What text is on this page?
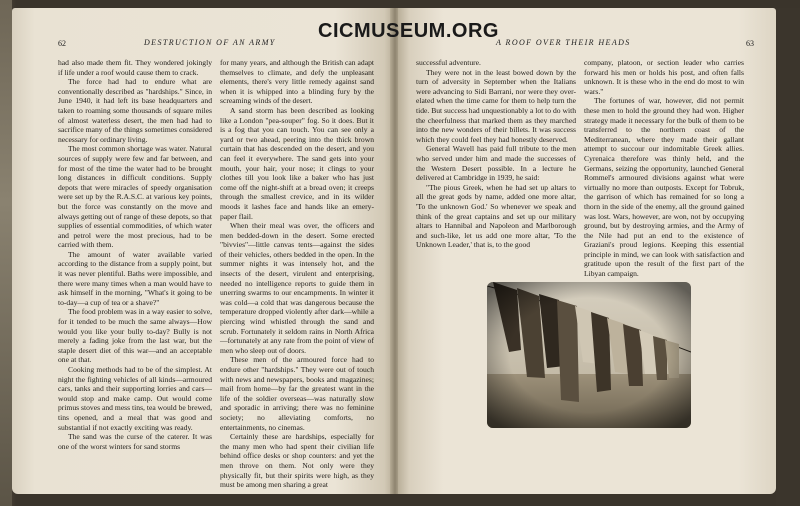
62	DESTRUCTION OF AN ARMY

had also made them fit. They wondered jokingly if life under a roof would cause them to crack.

The force had had to endure what are conventionally described as "hardships." Since, in June 1940, it had left its base headquarters and taken to roaming some thousands of square miles of almost waterless desert, the men had had to sacrifice many of the things sometimes considered necessary for ordinary living.

The most common shortage was water. Natural sources of supply were few and far between, and for most of the time the water had to be brought long distances in difficult conditions. Supply depots that were miracles of speedy organisation were set up by the R.A.S.C. at various key points, but the force was constantly on the move and always getting out of range of these depots, so that supplies of essential commodities, of which water and petrol were the most precious, had to be carried with them.

The amount of water available varied according to the distance from a supply point, but it was never plentiful. Baths were impossible, and there were many times when a man would have to ask himself in the morning, "What's it going to be to-day—a cup of tea or a shave?"

The food problem was in a way easier to solve, for it tended to be much the same always—How would you like your bully to-day? Bully is not merely a fading joke from the last war, but the staple desert diet of this war—and an acceptable one at that.

Cooking methods had to be of the simplest. At night the fighting vehicles of all kinds—armoured cars, tanks and their supporting lorries and cars—would stop and make camp. Out would come primus stoves and mess tins, tea would be brewed, tins opened, and a meal that was good and substantial if not exactly exciting was ready.

The sand was the curse of the caterer. It was one of the worst winters for sand storms

for many years, and although the British can adapt themselves to climate, and defy the unpleasant elements, there's very little remedy against sand when it is whipped into a blinding fury by the screaming winds of the desert.

A sand storm has been described as looking like a London "pea-souper" fog. So it does. But it is a fog that you can touch. You can see only a yard or two ahead, peering into the thick brown curtain that has descended on the desert, and you can feel it everywhere. The sand gets into your mouth, your hair, your nose; it clings to your clothes till you look like a baker who has just come off the night-shift at a bread oven; it creeps through the smallest crevice, and in its wilder moods it lashes face and hands like an emery-paper flail.

When their meal was over, the officers and men bedded-down in the desert. Some erected "bivvies"—little canvas tents—against the sides of their vehicles, others bedded in the open. In the summer nights it was intensely hot, and the insects of the desert, virulent and enterprising, needed no intelligence reports to guide them in unerring swarms to our encampments. In winter it was cold—a cold that was dangerous because the temperature dropped violently after dark—while a piercing wind whistled through the sand and scrub. Fortunately it seldom rains in North Africa—fortunately at any rate from the point of view of men who sleep out of doors.

These men of the armoured force had to endure other "hardships." They were out of touch with news and newspapers, books and magazines; mail from home—by far the greatest want in the life of the soldier overseas—was naturally slow and sporadic in arriving; there was no feminine society; no alleviating comforts, no entertainments, no cinemas.

Certainly these are hardships, especially for the many men who had spent their civilian life behind office desks or shop counters: and yet the men throve on them. Not only were they physically fit, but their spirits were high, as they must be among men sharing a great

A ROOF OVER THEIR HEADS	63

successful adventure.

They were not in the least bowed down by the turn of adversity in September when the Italians were advancing to Sidi Barrani, nor were they over-elated when the time came for them to help turn the tide. But success had unquestionably a lot to do with the cheerfulness that marked them as they marched into the new wonders of their billets. It was success which they could feel they had honestly deserved.

General Wavell has paid full tribute to the men who served under him and made the successes of the Western Desert possible. In a lecture he delivered at Cambridge in 1939, he said:

"The pious Greek, when he had set up altars to all the great gods by name, added one more altar, 'To the unknown God.' So whenever we speak and think of the great captains and set up our military altars to Hannibal and Napoleon and Marlborough and such-like, let us add one more altar, 'To the Unknown Leader,' that is, to the good

company, platoon, or section leader who carries forward his men or holds his post, and often falls unknown. It is these who in the end do most to win wars."

The fortunes of war, however, did not permit these men to hold the ground they had won. Higher strategy made it necessary for the bulk of them to be transferred to the northern coast of the Mediterranean, where they made their gallant attempt to succour our indomitable Greek allies. Cyrenaica therefore was thinly held, and the Germans, seizing the opportunity, launched General Rommel's armoured divisions against what were virtually no more than outposts. Except for Tobruk, the garrison of which has remained for so long a thorn in the side of the enemy, all the ground gained was lost. Wars, however, are won, not by occupying ground, but by destroying armies, and the Army of the Nile had put an end to the existence of Graziani's proud legions. Keeping this essential principle in mind, we can look with satisfaction and gratitude upon the result of the first part of the Libyan campaign.

CICMUSEUM.ORG
